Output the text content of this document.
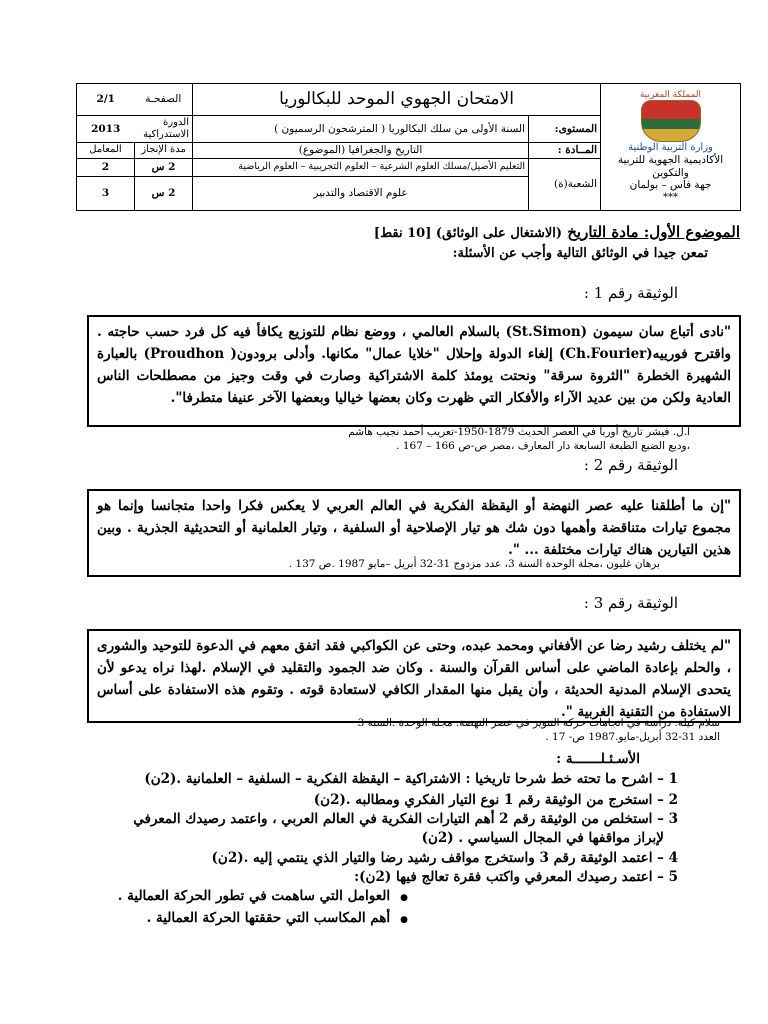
المملكة المغربية
وزارة التربية الوطنية
الأكاديمية الجهوية للتربية والتكوين
جهة فاس – بولمان
***	الامتحان الجهوي الموحد للبكالوريا		الصفحـة	2/1
	المستوى:	السنة الأولى من سلك البكالوريا ( المترشحون الرسميون )	الدورة الاستدراكية	2013
	المــادة :	التاريخ والجغرافيا (الموضوع)	مدة الإنجاز	المعامل
	الشعبة(ة)	التعليم الأصيل/مسلك العلوم الشرعية – العلوم التجريبية – العلوم الرياضية	2 س	2
		علوم الاقتصاد والتدبير	2 س	3
الموضوع الأول: مادة التاريخ (الاشتغال على الوثائق) [10 نقط]
تمعن جيدا في الوثائق التالية وأجب عن الأسئلة:
الوثيقة رقم 1 :
"نادى أتباع سان سيمون (St.Simon) بالسلام العالمي ، ووضع نظام للتوزيع يكافأ فيه كل فرد حسب حاجته . واقترح فورييه(Ch.Fourier) إلغاء الدولة وإحلال "خلايا عمال" مكانها. وأدلى برودون( Proudhon) بالعبارة الشهيرة الخطرة "الثروة سرقة" ونحتت يومئذ كلمة الاشتراكية وصارت في وقت وجيز من مصطلحات الناس العادية ولكن من بين عديد الآراء والأفكار التي ظهرت وكان بعضها خياليا وبعضها الآخر عنيفا متطرفا".
ا.ل. فيشر تاريخ أوربا في العصر الحديث 1879-1950-تعريب أحمد نجيب هاشم
،وديع الضبع الطبعة السابعة دار المعارف ،مصر ص-ص 166 – 167 .
الوثيقة رقم 2 :
"إن ما أطلقنا عليه عصر النهضة أو اليقظة الفكرية في العالم العربي لا يعكس فكرا واحدا متجانسا وإنما هو مجموع تيارات متناقضة وأهمها دون شك هو تيار الإصلاحية أو السلفية ، وتيار العلمانية أو التحديثية الجذرية . وبين هذين التيارين هناك تيارات مختلفة ... ".
برهان غليون ،مجلة الوحدة السنة 3، عدد مزدوج 31-32 أبريل –مايو 1987 .ص 137 .
الوثيقة رقم 3 :
"لم يختلف رشيد رضا عن الأفغاني ومحمد عبده، وحتى عن الكواكبي فقد اتفق معهم في الدعوة للتوحيد والشورى ، والحلم بإعادة الماضي على أساس القرآن والسنة . وكان ضد الجمود والتقليد في الإسلام .لهذا نراه يدعو لأن يتحدى الإسلام المدنية الحديثة ، وأن يقبل منها المقدار الكافي لاستعادة قوته . وتقوم هذه الاستفادة على أساس الاستفادة من التقنية الغربية ".
سلام كيلة. دراسة في اتجاهات حركة التنوير في عصر النهضة. مجلة الوحدة .السنة 3
العدد 31-32 أبريل-مايو.1987 ص- 17 .
الأسـئـلـــــــة :
1 – اشرح ما تحته خط شرحا تاريخيا : الاشتراكية – اليقظة الفكرية – السلفية – العلمانية .(2ن)
2 – استخرج من الوثيقة رقم 1 نوع التيار الفكري ومطالبه .(2ن)
3 – استخلص من الوثيقة رقم 2 أهم التيارات الفكرية في العالم العربي ، واعتمد رصيدك المعرفي
لإبراز مواقفها في المجال السياسي . (2ن)
4 – اعتمد الوثيقة رقم 3 واستخرج مواقف رشيد رضا والتيار الذي ينتمي إليه .(2ن)
5 – اعتمد رصيدك المعرفي واكتب فقرة تعالج فيها (2ن):
● العوامل التي ساهمت في تطور الحركة العمالية .
● أهم المكاسب التي حققتها الحركة العمالية .
